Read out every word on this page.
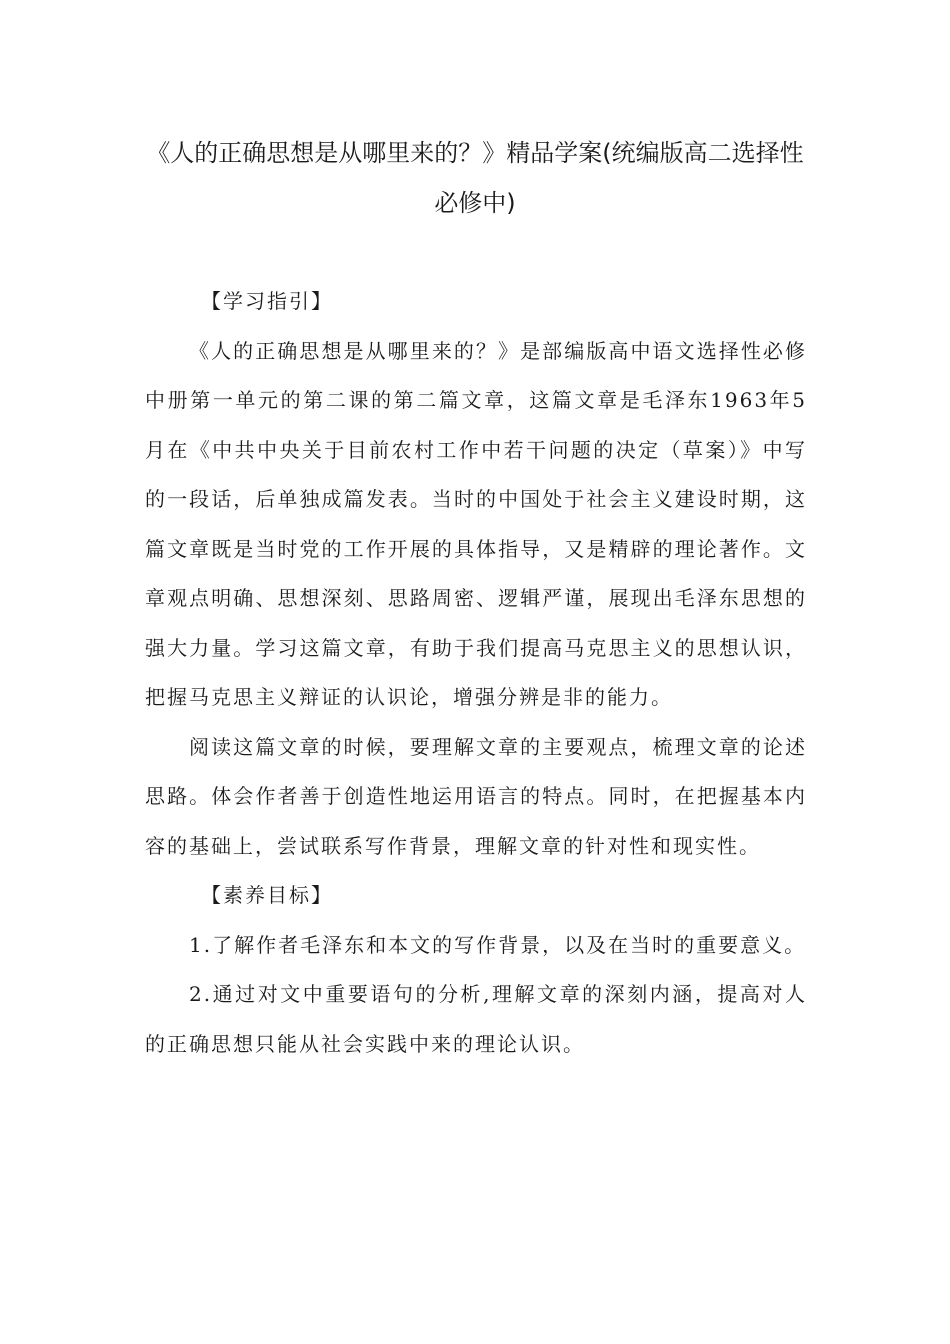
《人的正确思想是从哪里来的？》精品学案(统编版高二选择性必修中)

【学习指引】

《人的正确思想是从哪里来的？》是部编版高中语文选择性必修中册第一单元的第二课的第二篇文章，这篇文章是毛泽东1963年5月在《中共中央关于目前农村工作中若干问题的决定（草案）》中写的一段话，后单独成篇发表。当时的中国处于社会主义建设时期，这篇文章既是当时党的工作开展的具体指导，又是精辟的理论著作。文章观点明确、思想深刻、思路周密、逻辑严谨，展现出毛泽东思想的强大力量。学习这篇文章，有助于我们提高马克思主义的思想认识，把握马克思主义辩证的认识论，增强分辨是非的能力。

阅读这篇文章的时候，要理解文章的主要观点，梳理文章的论述思路。体会作者善于创造性地运用语言的特点。同时，在把握基本内容的基础上，尝试联系写作背景，理解文章的针对性和现实性。

【素养目标】

1.了解作者毛泽东和本文的写作背景，以及在当时的重要意义。

2.通过对文中重要语句的分析,理解文章的深刻内涵，提高对人的正确思想只能从社会实践中来的理论认识。
